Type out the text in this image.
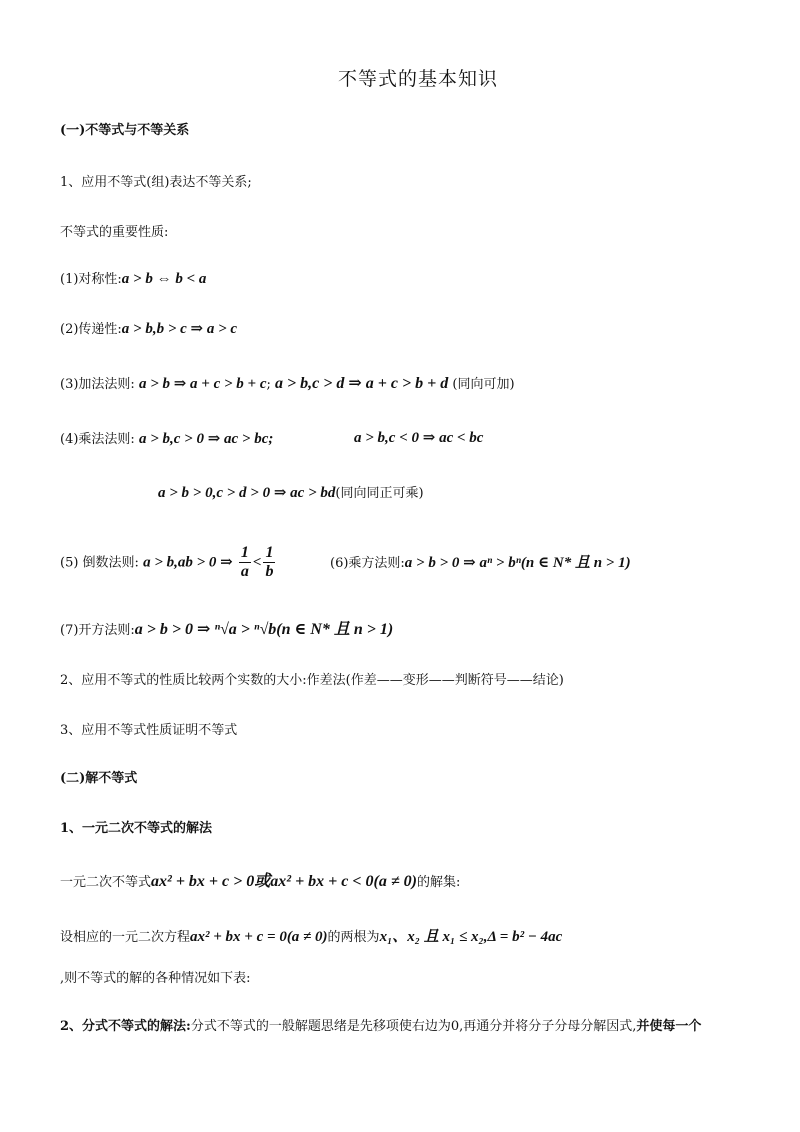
不等式的基本知识
(一)不等式与不等关系
1、应用不等式(组)表达不等关系;
不等式的重要性质:
(1)对称性:a > b ⇔ b < a
(2)传递性:a > b,b > c ⇒ a > c
(3)加法法则: a > b ⇒ a + c > b + c; a > b,c > d ⇒ a + c > b + d (同向可加)
(4)乘法法则: a > b,c > 0 ⇒ ac > bc;	a > b,c < 0 ⇒ ac < bc
a > b > 0,c > d > 0 ⇒ ac > bd(同向同正可乘)
(5) 倒数法则: a > b,ab > 0 ⇒ $\frac{1}{a} < \frac{1}{b}$	(6)乘方法则:a > b > 0 ⇒ aⁿ > bⁿ(n ∈ N* 且 n > 1)
(7)开方法则:a > b > 0 ⇒ ⁿ√a > ⁿ√b(n ∈ N* 且 n > 1)
2、应用不等式的性质比较两个实数的大小:作差法(作差——变形——判断符号——结论)
3、应用不等式性质证明不等式
(二)解不等式
1、一元二次不等式的解法
一元二次不等式ax² + bx + c > 0或ax² + bx + c < 0(a ≠ 0)的解集:
设相应的一元二次方程ax² + bx + c = 0(a ≠ 0)的两根为x₁、x₂ 且 x₁ ≤ x₂,Δ = b² − 4ac
,则不等式的解的各种情况如下表:
2、分式不等式的解法:分式不等式的一般解题思绪是先移项使右边为0,再通分并将分子分母分解因式,并使每一个
